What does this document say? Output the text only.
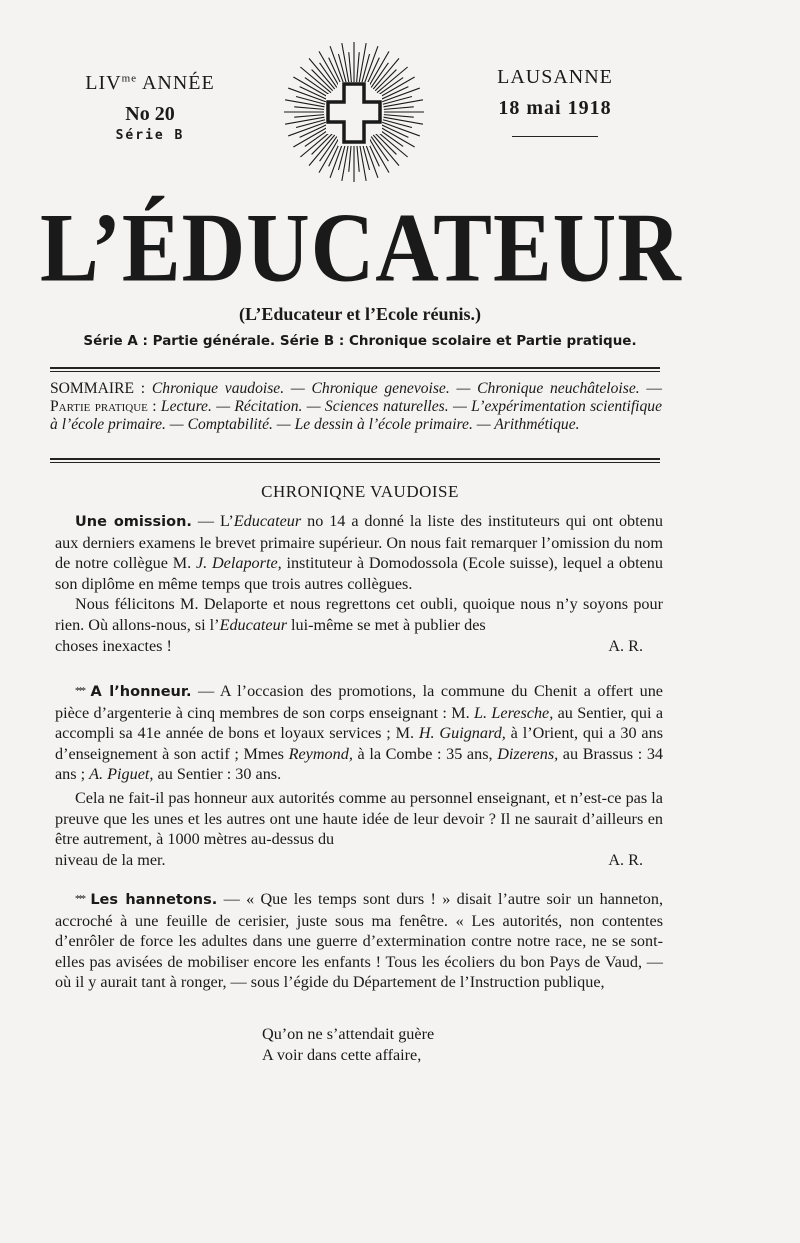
$LIV^{me}$ ANNÉE
No 20
Série B
LAUSANNE
18 mai 1918
L’ÉDUCATEUR
(L’Educateur et l’Ecole réunis.)
Série A : Partie générale. Série B : Chronique scolaire et Partie pratique.
SOMMAIRE : Chronique vaudoise. — Chronique genevoise. — Chronique neuchâteloise. — Partie pratique : Lecture. — Récitation. — Sciences naturelles. — L’expérimentation scientifique à l’école primaire. — Comptabilité. — Le dessin à l’école primaire. — Arithmétique.
CHRONIQNE VAUDOISE

Une omission. — L’Educateur no 14 a donné la liste des instituteurs qui ont obtenu aux derniers examens le brevet primaire supérieur. On nous fait remarquer l’omission du nom de notre collègue M. J. Delaporte, instituteur à Domodossola (Ecole suisse), lequel a obtenu son diplôme en même temps que trois autres collègues.

Nous félicitons M. Delaporte et nous regrettons cet oubli, quoique nous n’y soyons pour rien. Où allons-nous, si l’Educateur lui-même se met à publier des

choses inexactes !	A. R.

*** A l’honneur. — A l’occasion des promotions, la commune du Chenit a offert une pièce d’argenterie à cinq membres de son corps enseignant : M. L. Leresche, au Sentier, qui a accompli sa 41e année de bons et loyaux services ; M. H. Guignard, à l’Orient, qui a 30 ans d’enseignement à son actif ; Mmes Reymond, à la Combe : 35 ans, Dizerens, au Brassus : 34 ans ; A. Piguet, au Sentier : 30 ans.

Cela ne fait-il pas honneur aux autorités comme au personnel enseignant, et n’est-ce pas la preuve que les unes et les autres ont une haute idée de leur devoir ? Il ne saurait d’ailleurs en être autrement, à 1000 mètres au-dessus du

niveau de la mer.	A. R.

*** Les hannetons. — « Que les temps sont durs ! » disait l’autre soir un hanneton, accroché à une feuille de cerisier, juste sous ma fenêtre. « Les autorités, non contentes d’enrôler de force les adultes dans une guerre d’extermination contre notre race, ne se sont-elles pas avisées de mobiliser encore les enfants ! Tous les écoliers du bon Pays de Vaud, — où il y aurait tant à ronger, — sous l’égide du Département de l’Instruction publique,

Qu’on ne s’attendait guère
A voir dans cette affaire,
